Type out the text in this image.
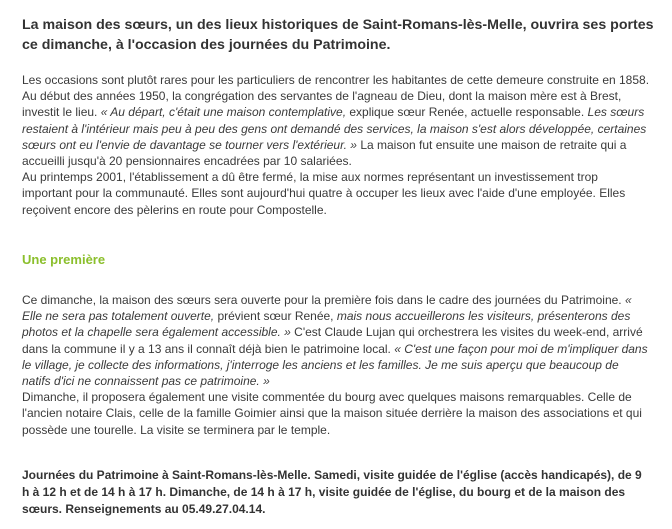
La maison des sœurs, un des lieux historiques de Saint-Romans-lès-Melle, ouvrira ses portes ce dimanche, à l'occasion des journées du Patrimoine.

Les occasions sont plutôt rares pour les particuliers de rencontrer les habitantes de cette demeure construite en 1858. Au début des années 1950, la congrégation des servantes de l'agneau de Dieu, dont la maison mère est à Brest, investit le lieu. « Au départ, c'était une maison contemplative, explique sœur Renée, actuelle responsable. Les sœurs restaient à l'intérieur mais peu à peu des gens ont demandé des services, la maison s'est alors développée, certaines sœurs ont eu l'envie de davantage se tourner vers l'extérieur. » La maison fut ensuite une maison de retraite qui a accueilli jusqu'à 20 pensionnaires encadrées par 10 salariées.
Au printemps 2001, l'établissement a dû être fermé, la mise aux normes représentant un investissement trop important pour la communauté. Elles sont aujourd'hui quatre à occuper les lieux avec l'aide d'une employée. Elles reçoivent encore des pèlerins en route pour Compostelle.

Une première

Ce dimanche, la maison des sœurs sera ouverte pour la première fois dans le cadre des journées du Patrimoine. « Elle ne sera pas totalement ouverte, prévient sœur Renée, mais nous accueillerons les visiteurs, présenterons des photos et la chapelle sera également accessible. » C'est Claude Lujan qui orchestrera les visites du week-end, arrivé dans la commune il y a 13 ans il connaît déjà bien le patrimoine local. « C'est une façon pour moi de m'impliquer dans le village, je collecte des informations, j'interroge les anciens et les familles. Je me suis aperçu que beaucoup de natifs d'ici ne connaissent pas ce patrimoine. »
Dimanche, il proposera également une visite commentée du bourg avec quelques maisons remarquables. Celle de l'ancien notaire Clais, celle de la famille Goimier ainsi que la maison située derrière la maison des associations et qui possède une tourelle. La visite se terminera par le temple.

Journées du Patrimoine à Saint-Romans-lès-Melle. Samedi, visite guidée de l'église (accès handicapés), de 9 h à 12 h et de 14 h à 17 h. Dimanche, de 14 h à 17 h, visite guidée de l'église, du bourg et de la maison des sœurs. Renseignements au 05.49.27.04.14.
